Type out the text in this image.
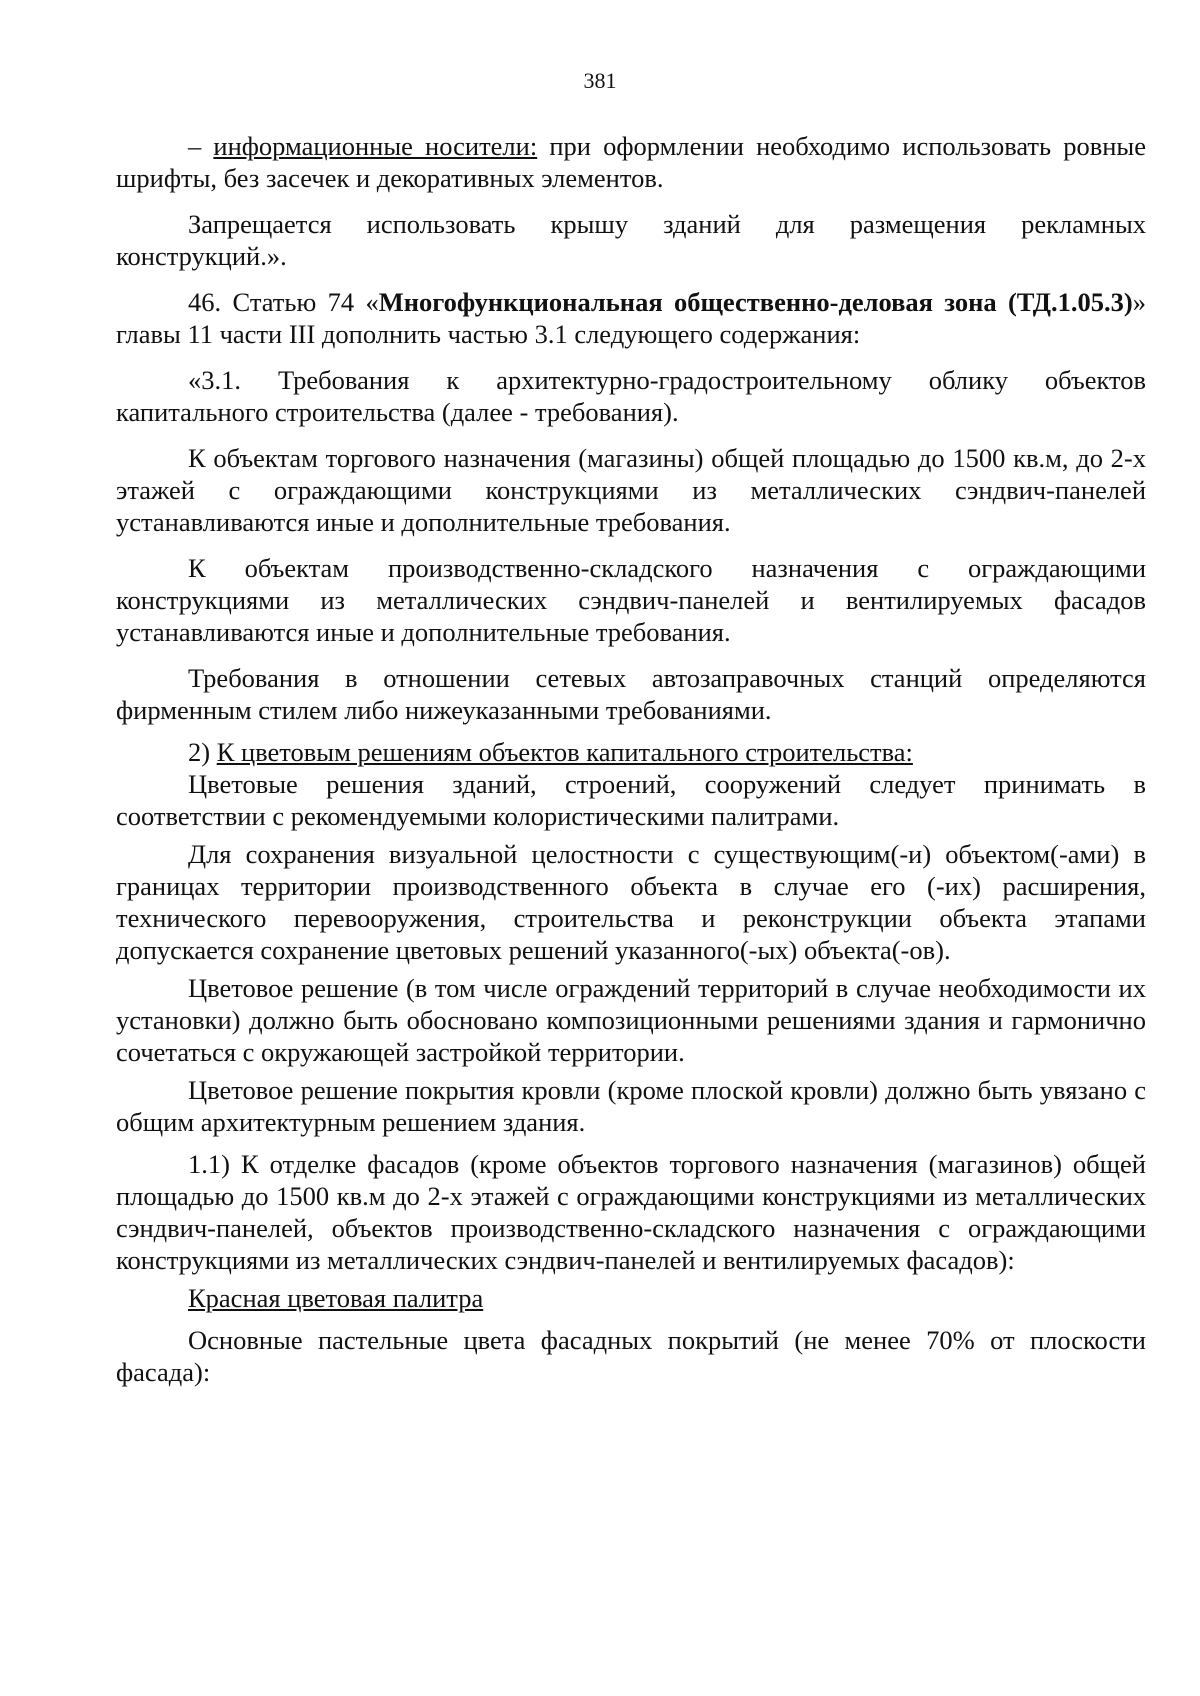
381

– информационные носители: при оформлении необходимо использовать ровные шрифты, без засечек и декоративных элементов.

Запрещается использовать крышу зданий для размещения рекламных конструкций.».

46. Статью 74 «Многофункциональная общественно-деловая зона (ТД.1.05.3)» главы 11 части III дополнить частью 3.1 следующего содержания:

«3.1. Требования к архитектурно-градостроительному облику объектов капитального строительства (далее - требования).

К объектам торгового назначения (магазины) общей площадью до 1500 кв.м, до 2-х этажей с ограждающими конструкциями из металлических сэндвич-панелей устанавливаются иные и дополнительные требования.

К объектам производственно-складского назначения с ограждающими конструкциями из металлических сэндвич-панелей и вентилируемых фасадов устанавливаются иные и дополнительные требования.

Требования в отношении сетевых автозаправочных станций определяются фирменным стилем либо нижеуказанными требованиями.

2) К цветовым решениям объектов капитального строительства:

Цветовые решения зданий, строений, сооружений следует принимать в соответствии с рекомендуемыми колористическими палитрами.

Для сохранения визуальной целостности с существующим(-и) объектом(-ами) в границах территории производственного объекта в случае его (-их) расширения, технического перевооружения, строительства и реконструкции объекта этапами допускается сохранение цветовых решений указанного(-ых) объекта(-ов).

Цветовое решение (в том числе ограждений территорий в случае необходимости их установки) должно быть обосновано композиционными решениями здания и гармонично сочетаться с окружающей застройкой территории.

Цветовое решение покрытия кровли (кроме плоской кровли) должно быть увязано с общим архитектурным решением здания.

1.1) К отделке фасадов (кроме объектов торгового назначения (магазинов) общей площадью до 1500 кв.м до 2-х этажей с ограждающими конструкциями из металлических сэндвич-панелей, объектов производственно-складского назначения с ограждающими конструкциями из металлических сэндвич-панелей и вентилируемых фасадов):

Красная цветовая палитра

Основные пастельные цвета фасадных покрытий (не менее 70% от плоскости фасада):
